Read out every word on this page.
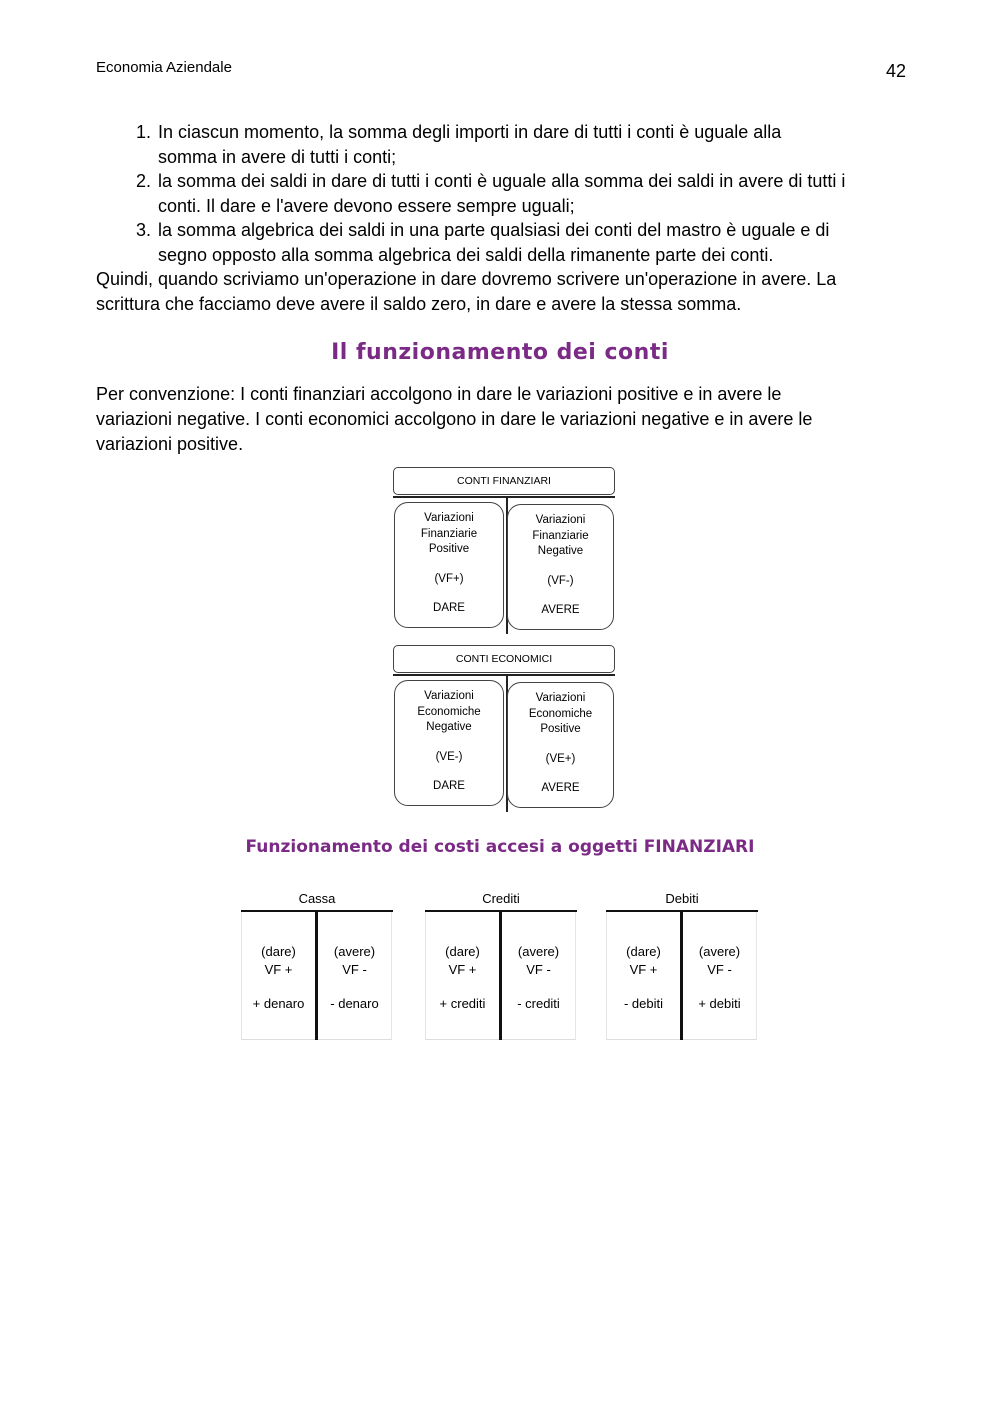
Economia Aziendale	42
1. In ciascun momento, la somma degli importi in dare di tutti i conti è uguale alla
somma in avere di tutti i conti;
2. la somma dei saldi in dare di tutti i conti è uguale alla somma dei saldi in avere di tutti i
conti. Il dare e l'avere devono essere sempre uguali;
3. la somma algebrica dei saldi in una parte qualsiasi dei conti del mastro è uguale e di
segno opposto alla somma algebrica dei saldi della rimanente parte dei conti.
Quindi, quando scriviamo un'operazione in dare dovremo scrivere un'operazione in avere. La
scrittura che facciamo deve avere il saldo zero, in dare e avere la stessa somma.
Il funzionamento dei conti
Per convenzione: I conti finanziari accolgono in dare le variazioni positive e in avere le
variazioni negative. I conti economici accolgono in dare le variazioni negative e in avere le
variazioni positive.
CONTI FINANZIARI
Variazioni
Finanziarie
Positive
(VF+)
DARE
Variazioni
Finanziarie
Negative
(VF-)
AVERE
CONTI ECONOMICI
Variazioni
Economiche
Negative
(VE-)
DARE
Variazioni
Economiche
Positive
(VE+)
AVERE
Funzionamento dei costi accesi a oggetti FINANZIARI
Cassa
(dare)
VF +
+ denaro
(avere)
VF -
- denaro
Crediti
(dare)
VF +
+ crediti
(avere)
VF -
- crediti
Debiti
(dare)
VF +
- debiti
(avere)
VF -
+ debiti
